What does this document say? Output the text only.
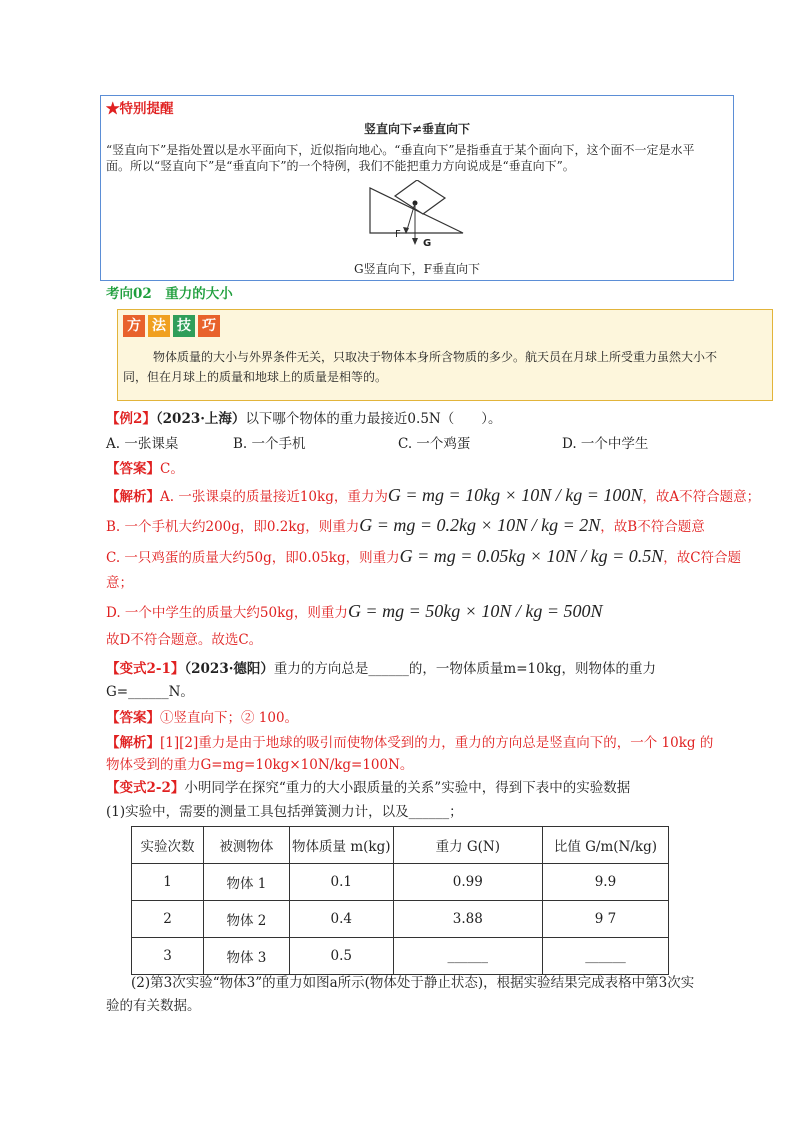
★特别提醒
竖直向下≠垂直向下
“竖直向下”是指处置以是水平面向下，近似指向地心。“垂直向下”是指垂直于某个面向下，这个面不一定是水平
面。所以“竖直向下”是“垂直向下”的一个特例，我们不能把重力方向说成是“垂直向下”。
F
G
G竖直向下，F垂直向下
考向02　重力的大小
方 法 技 巧
物体质量的大小与外界条件无关，只取决于物体本身所含物质的多少。航天员在月球上所受重力虽然大小不
同，但在月球上的质量和地球上的质量是相等的。
【例2】（2023·上海）以下哪个物体的重力最接近0.5N（　　）。
A. 一张课桌	B. 一个手机	C. 一个鸡蛋	D. 一个中学生
【答案】C。
【解析】A. 一张课桌的质量接近10kg，重力为G = mg = 10kg × 10N / kg = 100N，故A不符合题意；
B. 一个手机大约200g，即0.2kg，则重力G = mg = 0.2kg × 10N / kg = 2N，故B不符合题意
C. 一只鸡蛋的质量大约50g，即0.05kg，则重力G = mg = 0.05kg × 10N / kg = 0.5N，故C符合题
意；
D. 一个中学生的质量大约50kg，则重力G = mg = 50kg × 10N / kg = 500N
故D不符合题意。故选C。
【变式2-1】（2023·德阳）重力的方向总是______的，一物体质量m=10kg，则物体的重力
G=______N。
【答案】①竖直向下；② 100。
【解析】[1][2]重力是由于地球的吸引而使物体受到的力，重力的方向总是竖直向下的，一个 10kg 的
物体受到的重力G=mg=10kg×10N/kg=100N。
【变式2-2】小明同学在探究“重力的大小跟质量的关系”实验中，得到下表中的实验数据
(1)实验中，需要的测量工具包括弹簧测力计，以及______；
实验次数	被测物体	物体质量 m(kg)	重力 G(N)	比值 G/m(N/kg)
1	物体 1	0.1	0.99	9.9
2	物体 2	0.4	3.88	9 7
3	物体 3	0.5	______	______
(2)第3次实验“物体3”的重力如图a所示(物体处于静止状态)，根据实验结果完成表格中第3次实
验的有关数据。
